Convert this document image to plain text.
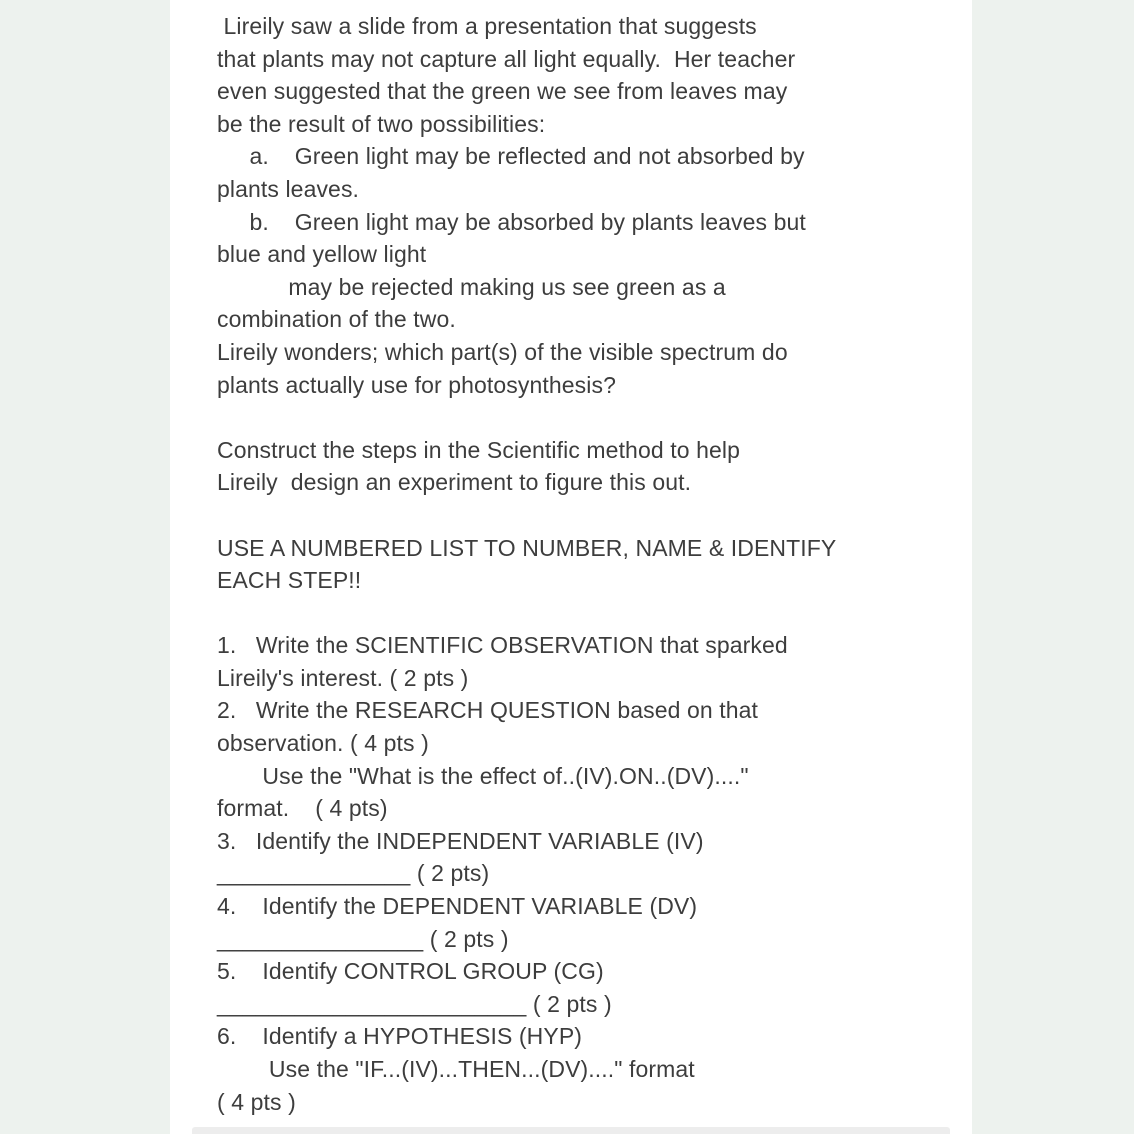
Lireily saw a slide from a presentation that suggests
that plants may not capture all light equally.  Her teacher
even suggested that the green we see from leaves may
be the result of two possibilities:
a.    Green light may be reflected and not absorbed by
plants leaves.
b.    Green light may be absorbed by plants leaves but
blue and yellow light
may be rejected making us see green as a
combination of the two.
Lireily wonders; which part(s) of the visible spectrum do
plants actually use for photosynthesis?
Construct the steps in the Scientific method to help
Lireily  design an experiment to figure this out.
USE A NUMBERED LIST TO NUMBER, NAME & IDENTIFY
EACH STEP!!
1.   Write the SCIENTIFIC OBSERVATION that sparked
Lireily's interest. ( 2 pts )
2.   Write the RESEARCH QUESTION based on that
observation. ( 4 pts )
Use the "What is the effect of..(IV).ON..(DV)...."
format.    ( 4 pts)
3.   Identify the INDEPENDENT VARIABLE (IV)
_______________ ( 2 pts)
4.    Identify the DEPENDENT VARIABLE (DV)
________________ ( 2 pts )
5.    Identify CONTROL GROUP (CG)
________________________ ( 2 pts )
6.    Identify a HYPOTHESIS (HYP)
Use the "IF...(IV)...THEN...(DV)...." format
( 4 pts )
